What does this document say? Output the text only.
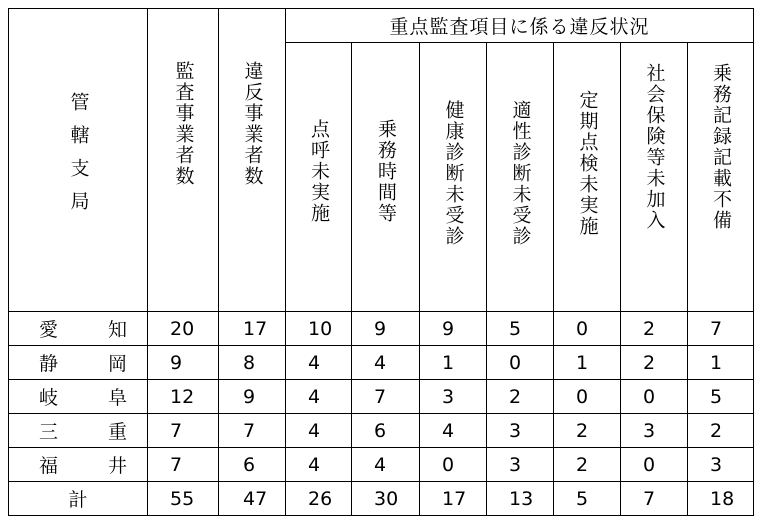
管轄支局	監査事業者数	違反事業者数	重点監査項目に係る違反状況						
			点呼未実施	乗務時間等	健康診断未受診	適性診断未受診	定期点検未実施	社会保険等未加入	乗務記録記載不備

愛 知	20	17	10	9	9	5	0	2	7

静 岡	9	8	4	4	1	0	1	2	1

岐 阜	12	9	4	7	3	2	0	0	5

三 重	7	7	4	6	4	3	2	3	2

福 井	7	6	4	4	0	3	2	0	3
計	55	47	26	30	17	13	5	7	18
